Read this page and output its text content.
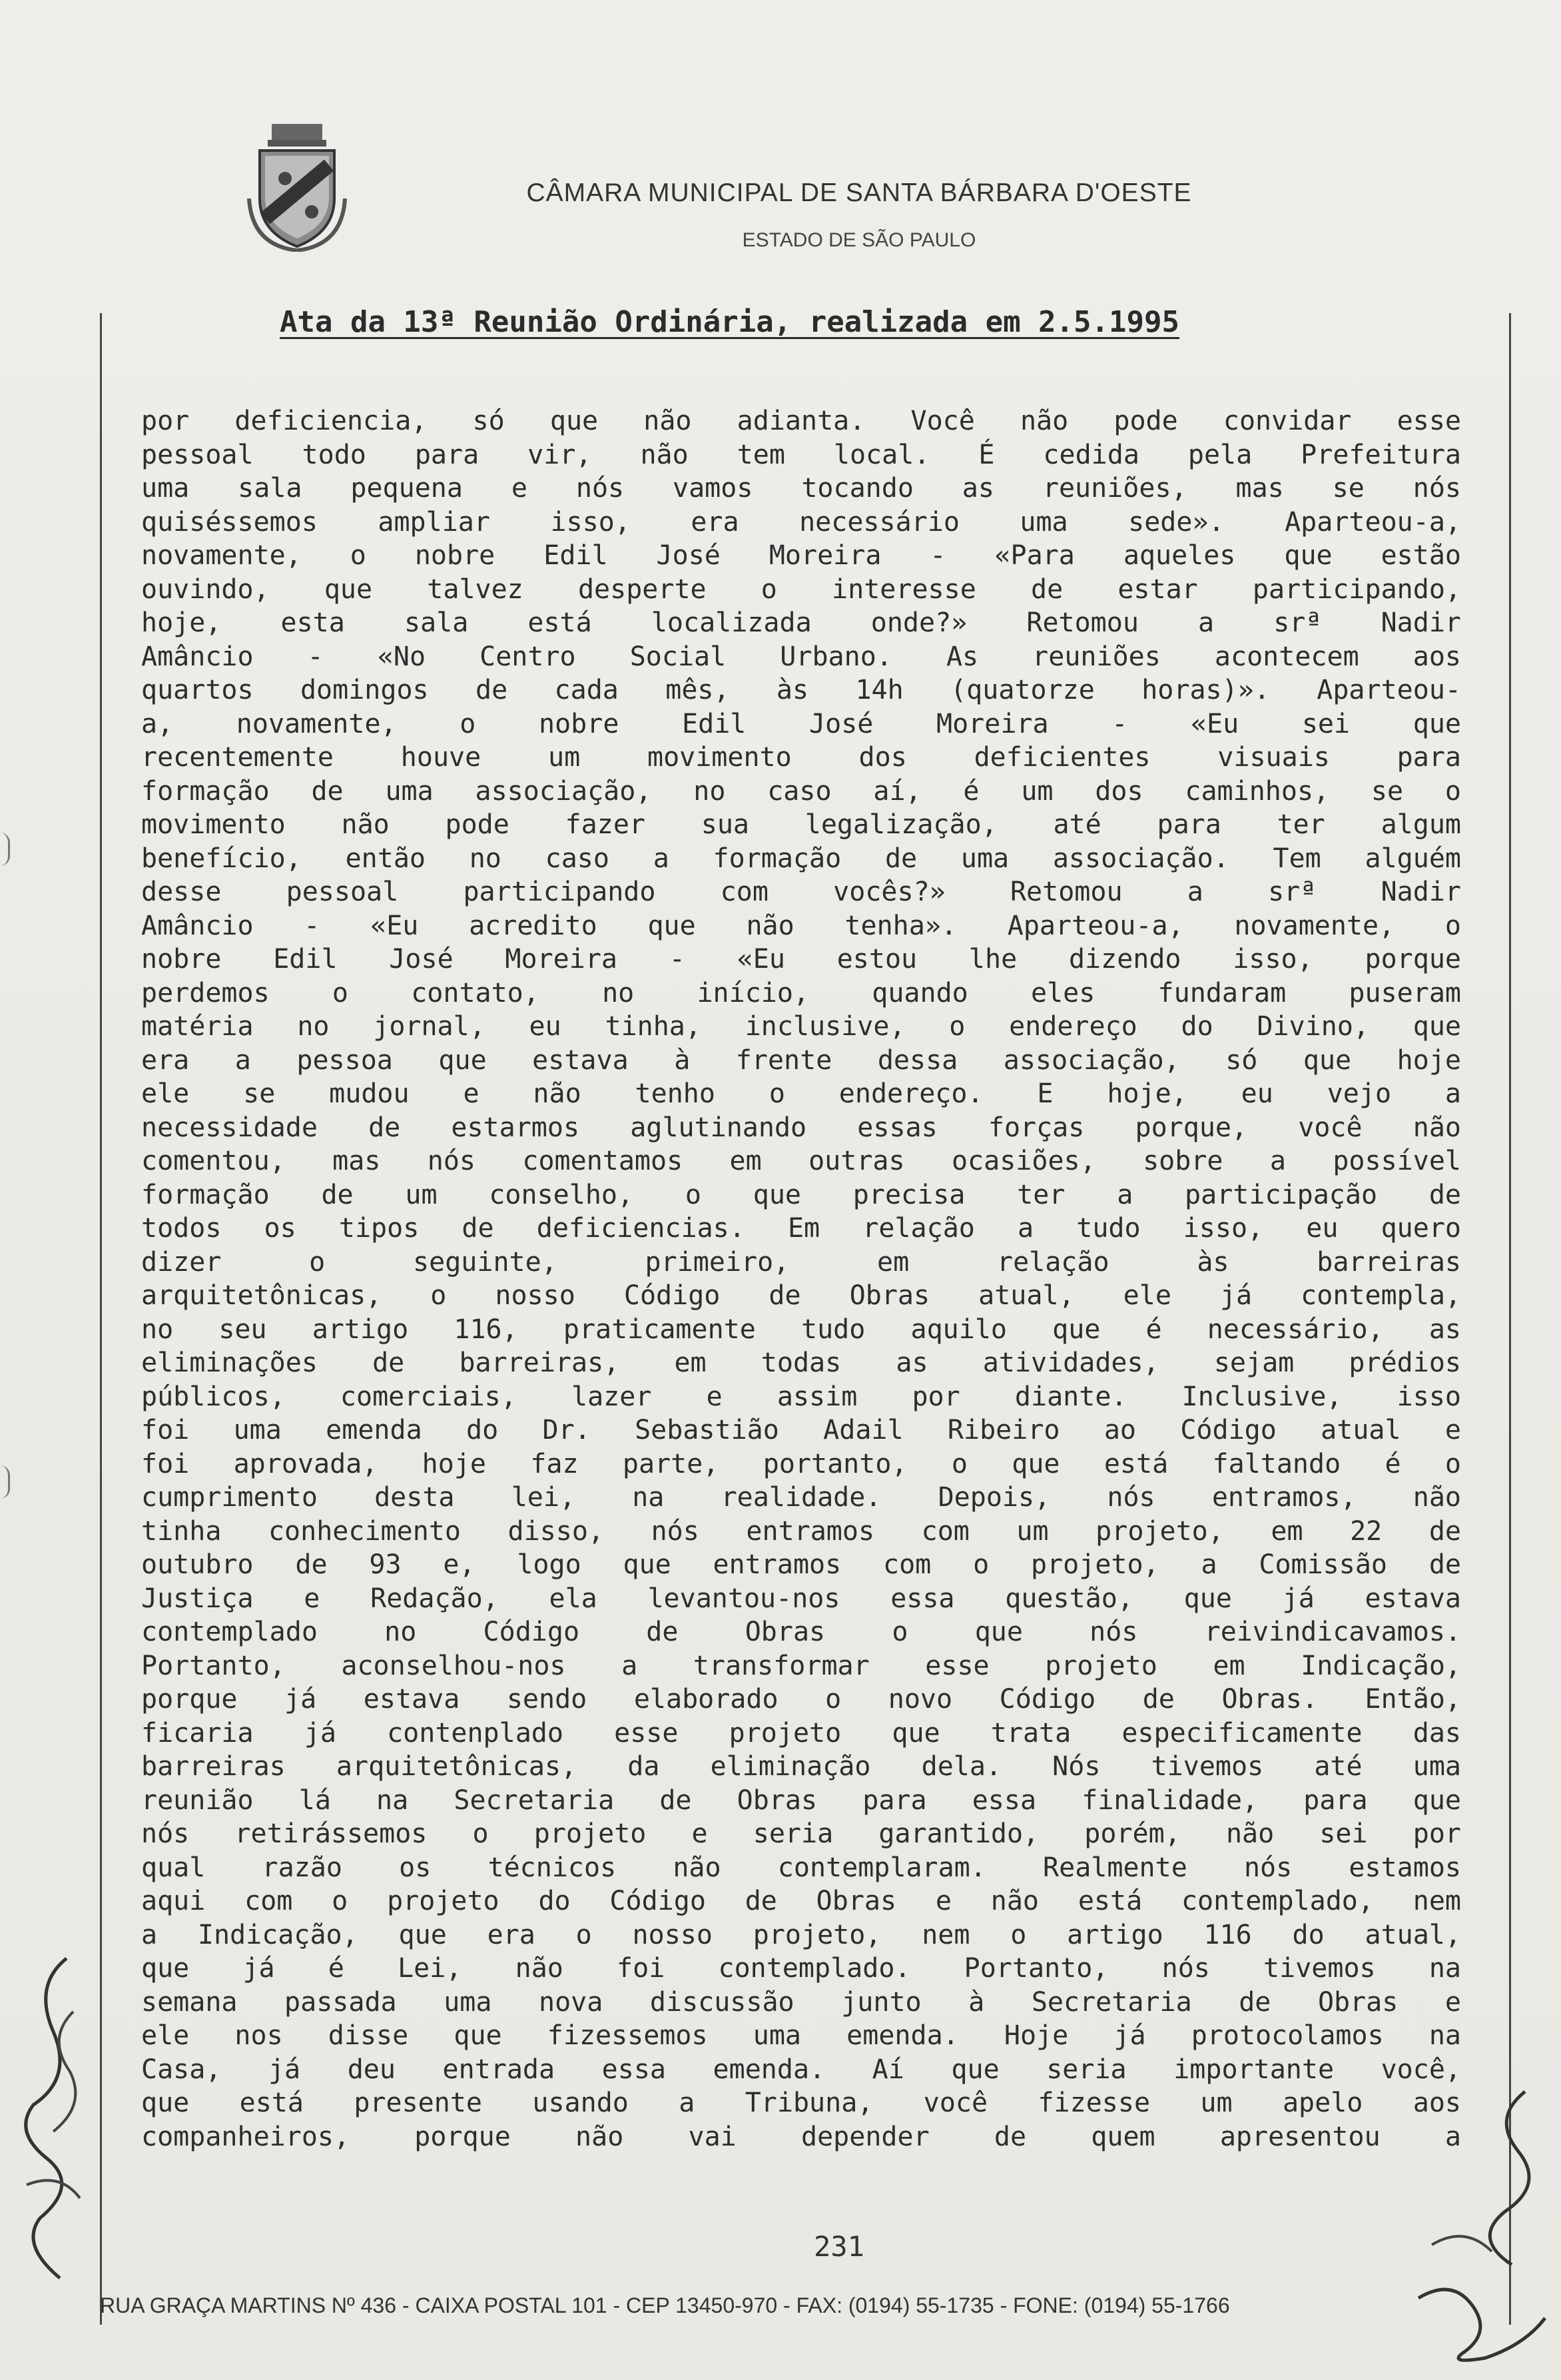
CÂMARA MUNICIPAL DE SANTA BÁRBARA D'OESTE
ESTADO DE SÃO PAULO
Ata da 13ª Reunião Ordinária, realizada em 2.5.1995
por deficiencia, só que não adianta. Você não pode convidar esse
pessoal todo para vir, não tem local. É cedida pela Prefeitura
uma sala pequena e nós vamos tocando as reuniões, mas se nós
quiséssemos ampliar isso, era necessário uma sede». Aparteou-a,
novamente, o nobre Edil José Moreira - «Para aqueles que estão
ouvindo, que talvez desperte o interesse de estar participando,
hoje, esta sala está localizada onde?» Retomou a srª Nadir
Amâncio - «No Centro Social Urbano. As reuniões acontecem aos
quartos domingos de cada mês, às 14h (quatorze horas)». Aparteou-
a, novamente, o nobre Edil José Moreira - «Eu sei que
recentemente houve um movimento dos deficientes visuais para
formação de uma associação, no caso aí, é um dos caminhos, se o
movimento não pode fazer sua legalização, até para ter algum
benefício, então no caso a formação de uma associação. Tem alguém
desse pessoal participando com vocês?» Retomou a srª Nadir
Amâncio - «Eu acredito que não tenha». Aparteou-a, novamente, o
nobre Edil José Moreira - «Eu estou lhe dizendo isso, porque
perdemos o contato, no início, quando eles fundaram puseram
matéria no jornal, eu tinha, inclusive, o endereço do Divino, que
era a pessoa que estava à frente dessa associação, só que hoje
ele se mudou e não tenho o endereço. E hoje, eu vejo a
necessidade de estarmos aglutinando essas forças porque, você não
comentou, mas nós comentamos em outras ocasiões, sobre a possível
formação de um conselho, o que precisa ter a participação de
todos os tipos de deficiencias. Em relação a tudo isso, eu quero
dizer o seguinte, primeiro, em relação às barreiras
arquitetônicas, o nosso Código de Obras atual, ele já contempla,
no seu artigo 116, praticamente tudo aquilo que é necessário, as
eliminações de barreiras, em todas as atividades, sejam prédios
públicos, comerciais, lazer e assim por diante. Inclusive, isso
foi uma emenda do Dr. Sebastião Adail Ribeiro ao Código atual e
foi aprovada, hoje faz parte, portanto, o que está faltando é o
cumprimento desta lei, na realidade. Depois, nós entramos, não
tinha conhecimento disso, nós entramos com um projeto, em 22 de
outubro de 93 e, logo que entramos com o projeto, a Comissão de
Justiça e Redação, ela levantou-nos essa questão, que já estava
contemplado no Código de Obras o que nós reivindicavamos.
Portanto, aconselhou-nos a transformar esse projeto em Indicação,
porque já estava sendo elaborado o novo Código de Obras. Então,
ficaria já contenplado esse projeto que trata especificamente das
barreiras arquitetônicas, da eliminação dela. Nós tivemos até uma
reunião lá na Secretaria de Obras para essa finalidade, para que
nós retirássemos o projeto e seria garantido, porém, não sei por
qual razão os técnicos não contemplaram. Realmente nós estamos
aqui com o projeto do Código de Obras e não está contemplado, nem
a Indicação, que era o nosso projeto, nem o artigo 116 do atual,
que já é Lei, não foi contemplado. Portanto, nós tivemos na
semana passada uma nova discussão junto à Secretaria de Obras e
ele nos disse que fizessemos uma emenda. Hoje já protocolamos na
Casa, já deu entrada essa emenda. Aí que seria importante você,
que está presente usando a Tribuna, você fizesse um apelo aos
companheiros, porque não vai depender de quem apresentou a
231
RUA GRAÇA MARTINS Nº 436 - CAIXA POSTAL 101 - CEP 13450-970 - FAX: (0194) 55-1735 - FONE: (0194) 55-1766
